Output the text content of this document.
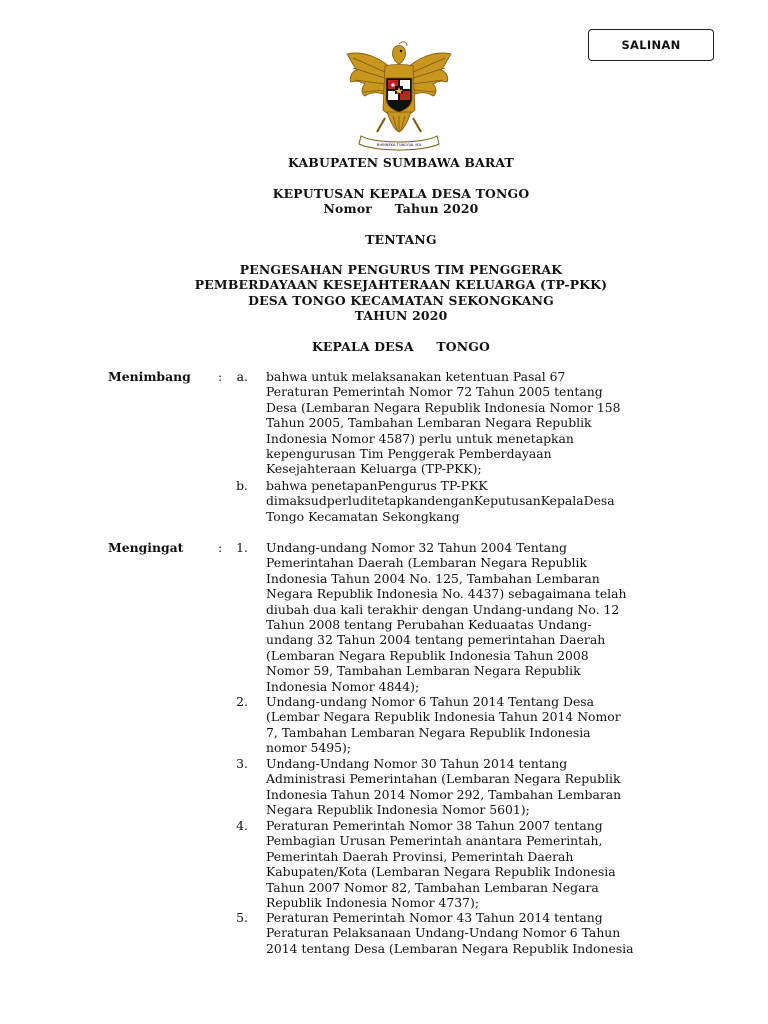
SALINAN
BHINNEKA TUNGGAL IKA
KABUPATEN SUMBAWA BARAT
KEPUTUSAN KEPALA DESA TONGO
Nomor     Tahun 2020
TENTANG
PENGESAHAN PENGURUS TIM PENGGERAK
PEMBERDAYAAN KESEJAHTERAAN KELUARGA (TP-PKK)
DESA TONGO KECAMATAN SEKONGKANG
TAHUN 2020
KEPALA DESA     TONGO
Menimbang :	a. bahwa untuk melaksanakan ketentuan Pasal 67
Peraturan Pemerintah Nomor 72 Tahun 2005 tentang
Desa (Lembaran Negara Republik Indonesia Nomor 158
Tahun 2005, Tambahan Lembaran Negara Republik
Indonesia Nomor 4587) perlu untuk menetapkan
kepengurusan Tim Penggerak Pemberdayaan
Kesejahteraan Keluarga (TP-PKK);
b. bahwa penetapanPengurus TP-PKK
dimaksudperluditetapkandenganKeputusanKepalaDesa
Tongo Kecamatan Sekongkang
Mengingat	:	1. Undang-undang Nomor 32 Tahun 2004 Tentang
Pemerintahan Daerah (Lembaran Negara Republik
Indonesia Tahun 2004 No. 125, Tambahan Lembaran
Negara Republik Indonesia No. 4437) sebagaimana telah
diubah dua kali terakhir dengan Undang-undang No. 12
Tahun 2008 tentang Perubahan Keduaatas Undang-
undang 32 Tahun 2004 tentang pemerintahan Daerah
(Lembaran Negara Republik Indonesia Tahun 2008
Nomor 59, Tambahan Lembaran Negara Republik
Indonesia Nomor 4844);
2. Undang-undang Nomor 6 Tahun 2014 Tentang Desa
(Lembar Negara Republik Indonesia Tahun 2014 Nomor
7, Tambahan Lembaran Negara Republik Indonesia
nomor 5495);
3. Undang-Undang Nomor 30 Tahun 2014 tentang
Administrasi Pemerintahan (Lembaran Negara Republik
Indonesia Tahun 2014 Nomor 292, Tambahan Lembaran
Negara Republik Indonesia Nomor 5601);
4. Peraturan Pemerintah Nomor 38 Tahun 2007 tentang
Pembagian Urusan Pemerintah anantara Pemerintah,
Pemerintah Daerah Provinsi, Pemerintah Daerah
Kabupaten/Kota (Lembaran Negara Republik Indonesia
Tahun 2007 Nomor 82, Tambahan Lembaran Negara
Republik Indonesia Nomor 4737);
5. Peraturan Pemerintah Nomor 43 Tahun 2014 tentang
Peraturan Pelaksanaan Undang-Undang Nomor 6 Tahun
2014 tentang Desa (Lembaran Negara Republik Indonesia
